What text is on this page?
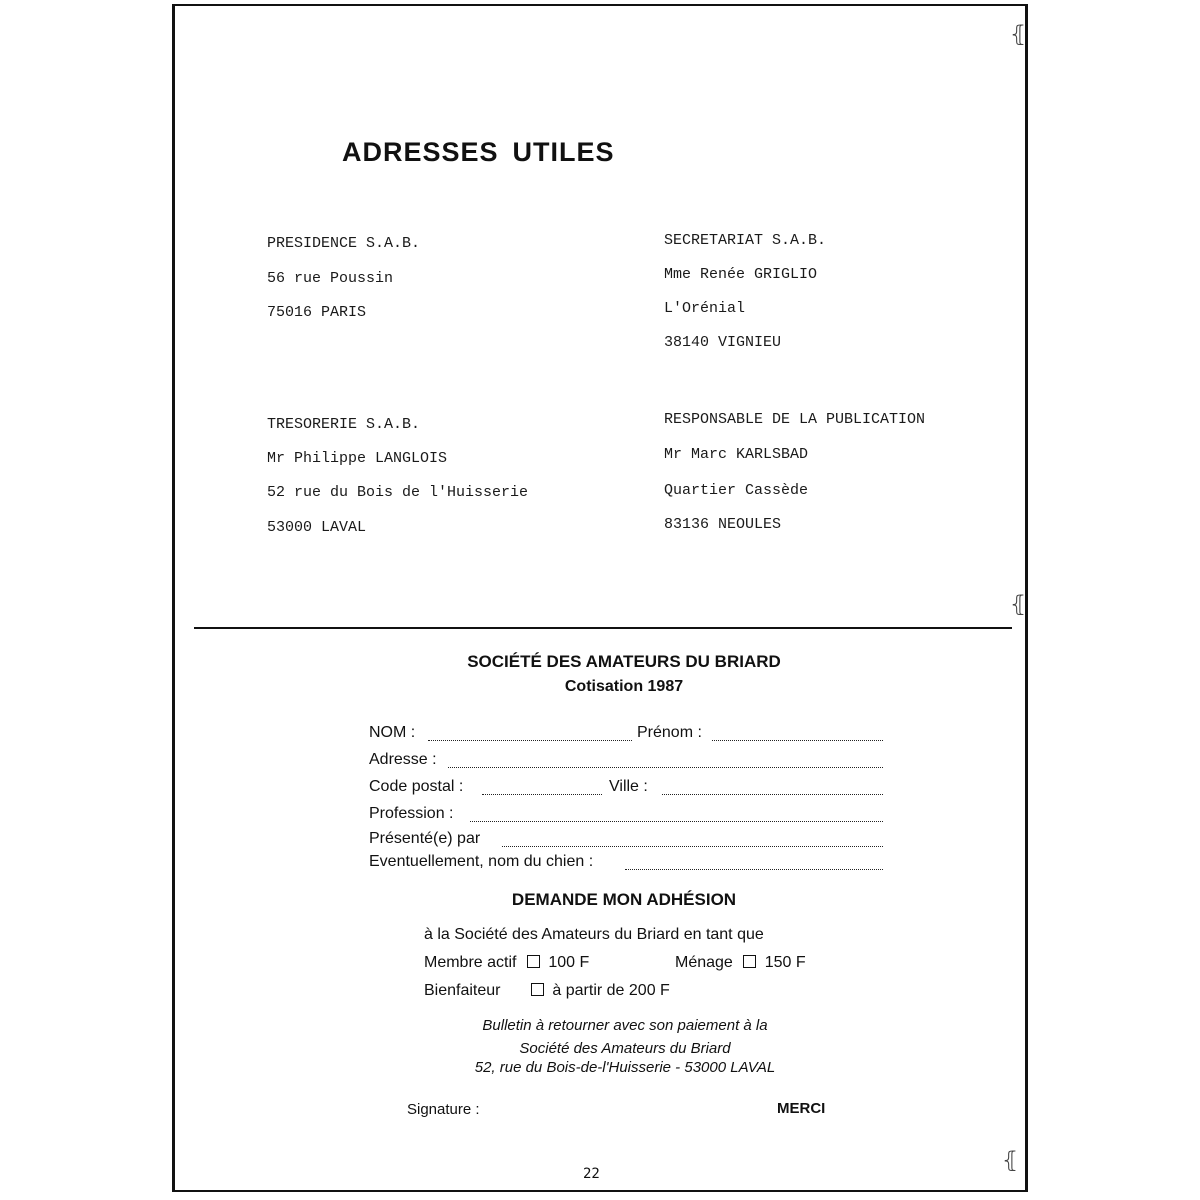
ADRESSES UTILES
PRESIDENCE S.A.B.
56 rue Poussin
75016 PARIS
SECRETARIAT S.A.B.
Mme Renée GRIGLIO
L'Orénial
38140 VIGNIEU
TRESORERIE S.A.B.
Mr Philippe LANGLOIS
52 rue du Bois de l'Huisserie
53000 LAVAL
RESPONSABLE DE LA PUBLICATION
Mr Marc KARLSBAD
Quartier Cassède
83136 NEOULES
SOCIÉTÉ DES AMATEURS DU BRIARD
Cotisation 1987
NOM :	Prénom :
Adresse :
Code postal :	Ville :
Profession :
Présenté(e) par
Eventuellement, nom du chien :
DEMANDE MON ADHÉSION
à la Société des Amateurs du Briard en tant que
Membre actif 100 F	Ménage 150 F
Bienfaiteur	à partir de 200 F
Bulletin à retourner avec son paiement à la
Société des Amateurs du Briard
52, rue du Bois-de-l'Huisserie - 53000 LAVAL
Signature :	MERCI
22
⦃
⦃
⦃
